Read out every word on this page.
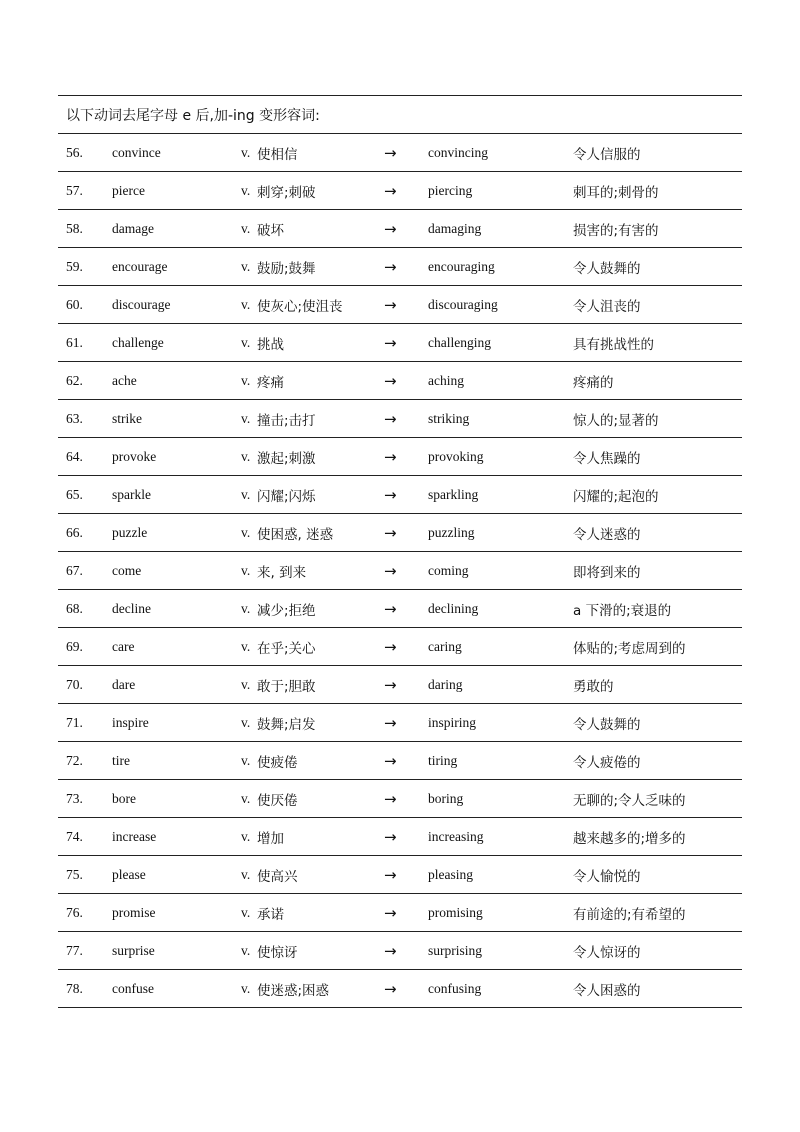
以下动词去尾字母 e 后,加-ing 变形容词:
56. convince	v. 使相信	→ convincing	令人信服的
57. pierce	v. 刺穿;刺破	→ piercing	刺耳的;刺骨的
58. damage	v. 破坏	→ damaging	损害的;有害的
59. encourage	v. 鼓励;鼓舞	→ encouraging	令人鼓舞的
60. discourage	v. 使灰心;使沮丧	→ discouraging	令人沮丧的
61. challenge	v. 挑战	→ challenging	具有挑战性的
62. ache	v. 疼痛	→ aching	疼痛的
63. strike	v. 撞击;击打	→ striking	惊人的;显著的
64. provoke	v. 激起;刺激	→ provoking	令人焦躁的
65. sparkle	v. 闪耀;闪烁	→ sparkling	闪耀的;起泡的
66. puzzle	v. 使困惑, 迷惑	→ puzzling	令人迷惑的
67. come	v. 来, 到来	→ coming	即将到来的
68. decline	v. 减少;拒绝	→ declining	a 下滑的;衰退的
69. care	v. 在乎;关心	→ caring	体贴的;考虑周到的
70. dare	v. 敢于;胆敢	→ daring	勇敢的
71. inspire	v. 鼓舞;启发	→ inspiring	令人鼓舞的
72. tire	v. 使疲倦	→ tiring	令人疲倦的
73. bore	v. 使厌倦	→ boring	无聊的;令人乏味的
74. increase	v. 增加	→ increasing	越来越多的;增多的
75. please	v. 使高兴	→ pleasing	令人愉悦的
76. promise	v. 承诺	→ promising	有前途的;有希望的
77. surprise	v. 使惊讶	→ surprising	令人惊讶的
78. confuse	v. 使迷惑;困惑	→ confusing	令人困惑的
